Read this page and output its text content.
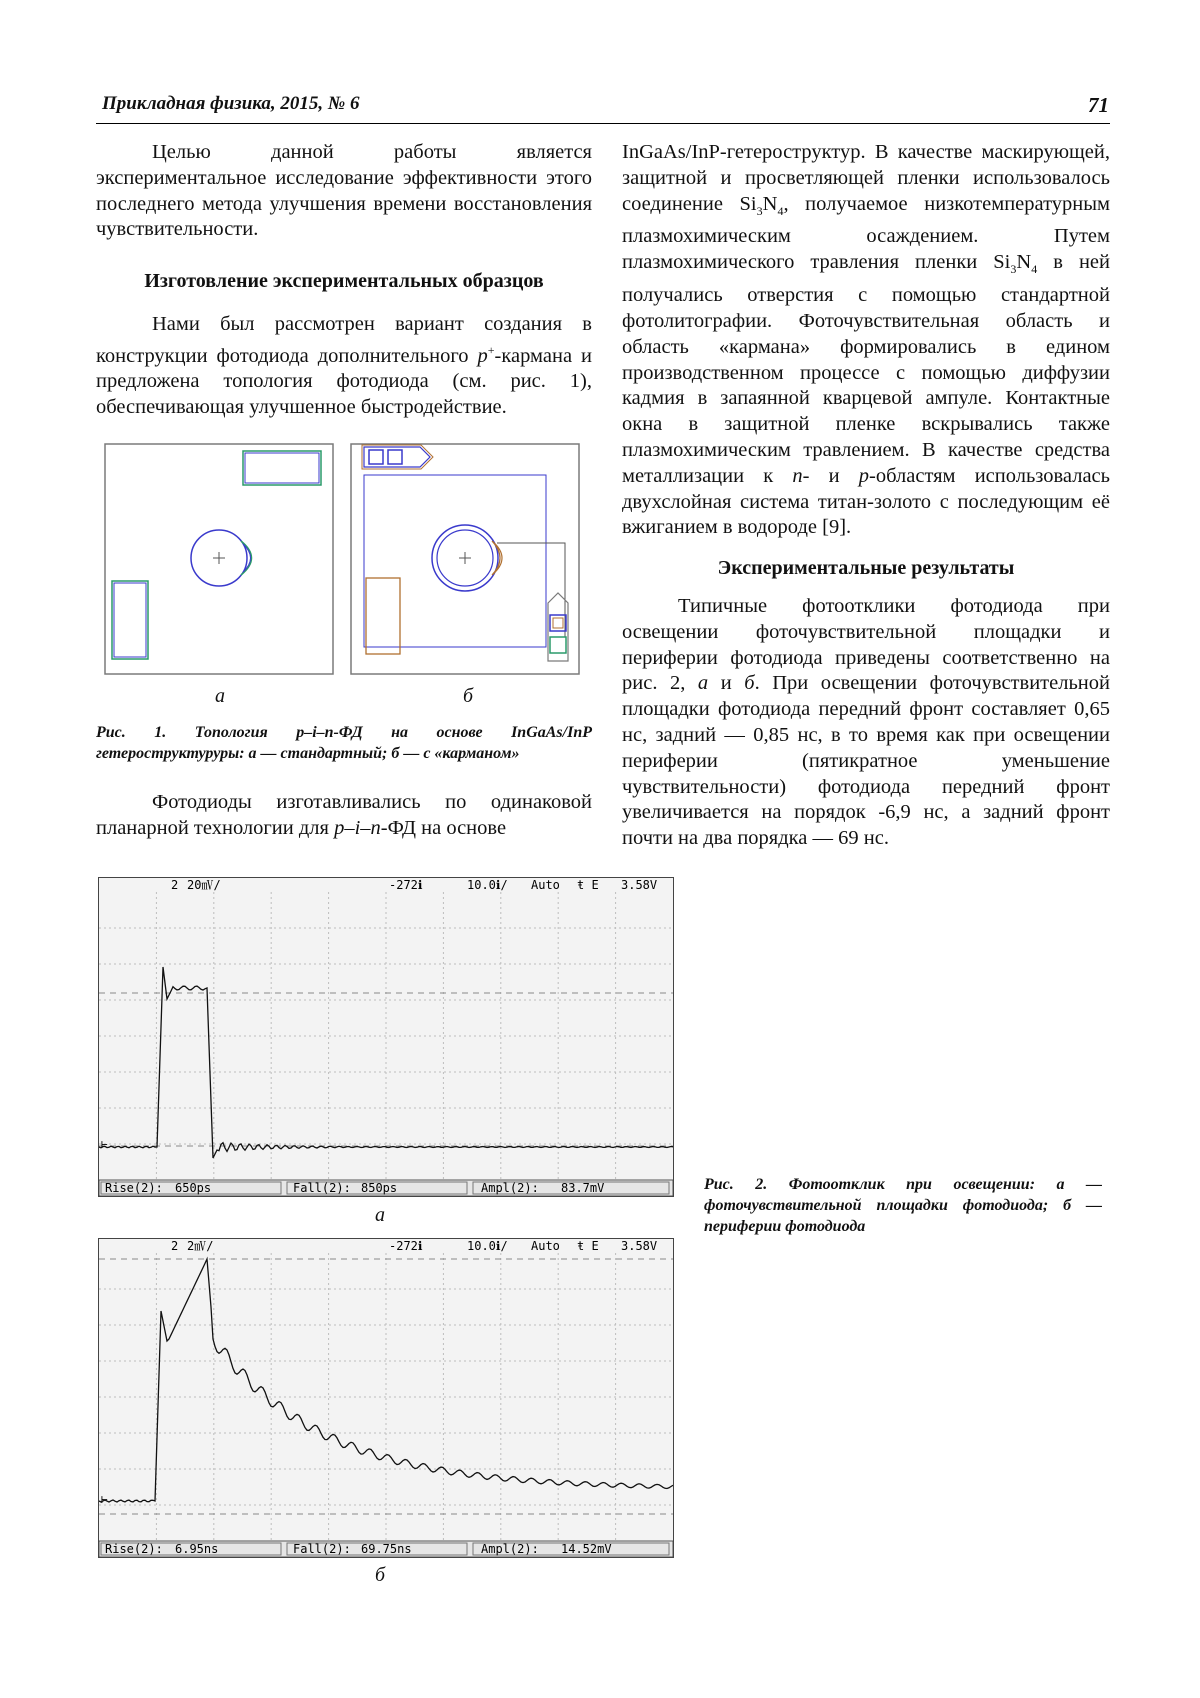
Прикладная физика, 2015, № 6	71

Целью данной работы является экспериментальное исследование эффективности этого последнего метода улучшения времени восстановления чувствительности.

Изготовление экспериментальных образцов

Нами был рассмотрен вариант создания в конструкции фотодиода дополнительного p+-кармана и предложена топология фотодиода (см. рис. 1), обеспечивающая улучшенное быстродействие.

а	б
Рис. 1. Топология p–i–n-ФД на основе InGaAs/InP гетероструктуруры: а — стандартный; б — с «карманом»

Фотодиоды изготавливались по одинаковой планарной технологии для p–i–n-ФД на основе

InGaAs/InP-гетероструктур. В качестве маскирующей, защитной и просветляющей пленки использовалось соединение $Si_3N_4$, получаемое низкотемпературным плазмохимическим осаждением. Путем плазмохимического травления пленки $Si_3N_4$ в ней получались отверстия с помощью стандартной фотолитографии. Фоточувствительная область и область «кармана» формировались в едином производственном процессе с помощью диффузии кадмия в запаянной кварцевой ампуле. Контактные окна в защитной пленке вскрывались также плазмохимическим травлением. В качестве средства металлизации к n- и p-областям использовалась двухслойная система титан-золото с последующим её вжиганием в водороде [9].

Экспериментальные результаты

Типичные фотоотклики фотодиода при освещении фоточувствительной площадки и периферии фотодиода приведены соответственно на рис. 2, а и б. При освещении фоточувствительной площадки фотодиода передний фронт составляет 0,65 нс, задний — 0,85 нс, в то время как при освещении периферии (пятикратное уменьшение чувствительности) фотодиода передний фронт увеличивается на порядок -6,9 нс, а задний фронт почти на два порядка — 69 нс.

2 20㎷/	-272ℹ	10.0ℹ/ Auto ŧ E 3.58V
⊢
Rise(2): 650ps	Fall(2): 850ps	Ampl(2): 83.7mV
а
2 2㎷/	-272ℹ	10.0ℹ/ Auto ŧ E 3.58V
⊢
Rise(2): 6.95ns	Fall(2): 69.75ns	Ampl(2): 14.52mV
б
Рис. 2. Фотоотклик при освещении: а — фоточувствительной площадки фотодиода; б — периферии фотодиода
